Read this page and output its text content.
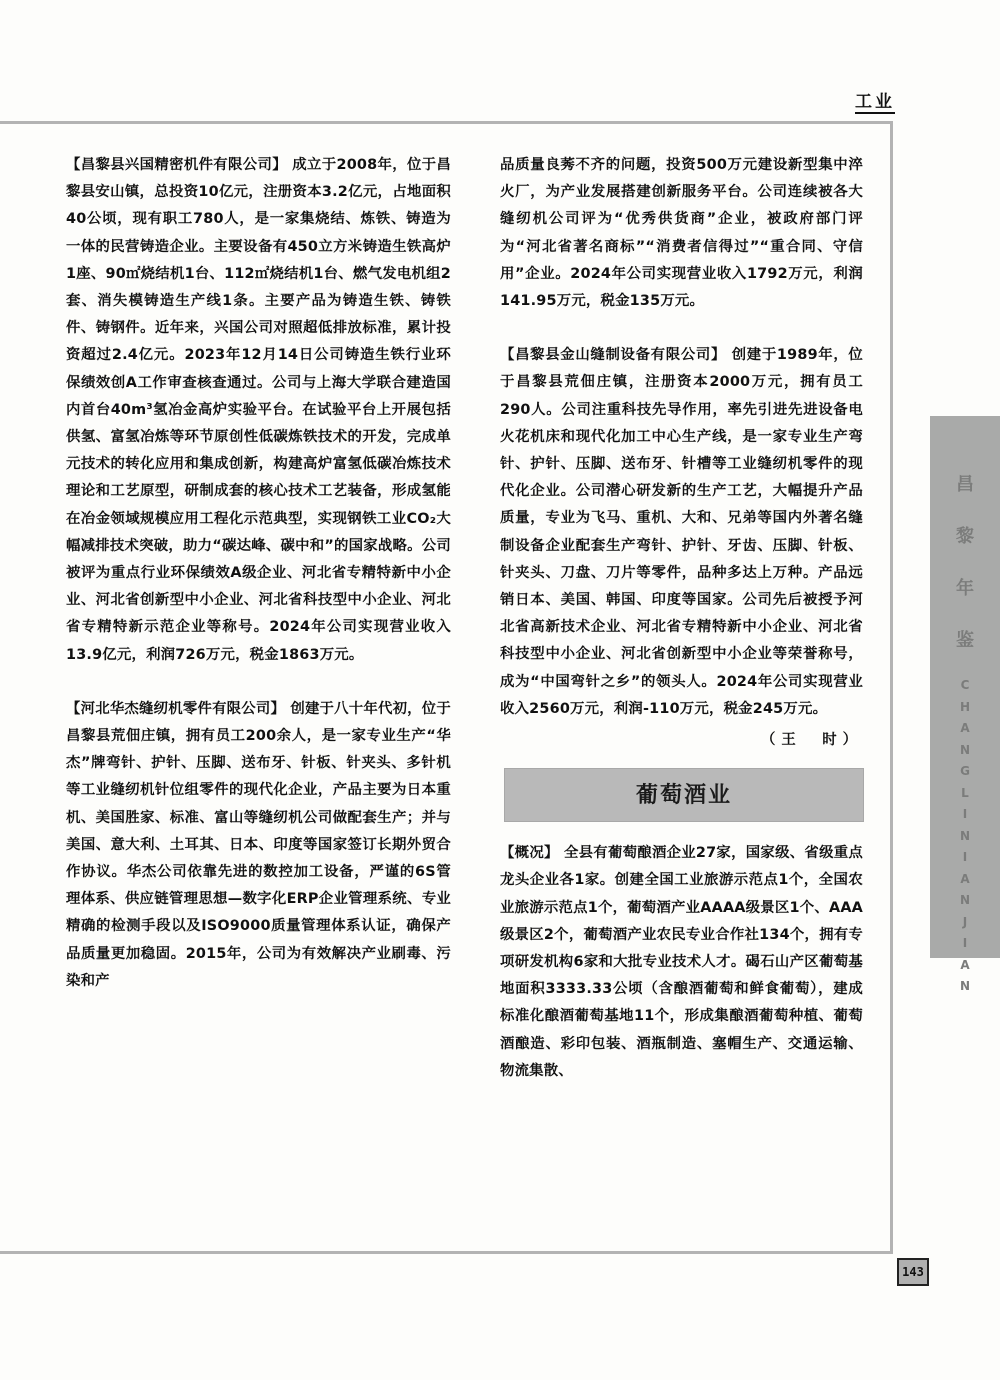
工业

【昌黎县兴国精密机件有限公司】 成立于2008年，位于昌黎县安山镇，总投资10亿元，注册资本3.2亿元，占地面积40公顷，现有职工780人，是一家集烧结、炼铁、铸造为一体的民营铸造企业。主要设备有450立方米铸造生铁高炉1座、90㎡烧结机1台、112㎡烧结机1台、燃气发电机组2套、消失模铸造生产线1条。主要产品为铸造生铁、铸铁件、铸钢件。近年来，兴国公司对照超低排放标准，累计投资超过2.4亿元。2023年12月14日公司铸造生铁行业环保绩效创A工作审查核查通过。公司与上海大学联合建造国内首台40m³氢冶金高炉实验平台。在试验平台上开展包括供氢、富氢冶炼等环节原创性低碳炼铁技术的开发，完成单元技术的转化应用和集成创新，构建高炉富氢低碳冶炼技术理论和工艺原型，研制成套的核心技术工艺装备，形成氢能在冶金领域规模应用工程化示范典型，实现钢铁工业CO₂大幅减排技术突破，助力“碳达峰、碳中和”的国家战略。公司被评为重点行业环保绩效A级企业、河北省专精特新中小企业、河北省创新型中小企业、河北省科技型中小企业、河北省专精特新示范企业等称号。2024年公司实现营业收入13.9亿元，利润726万元，税金1863万元。

【河北华杰缝纫机零件有限公司】 创建于八十年代初，位于昌黎县荒佃庄镇，拥有员工200余人，是一家专业生产“华杰”牌弯针、护针、压脚、送布牙、针板、针夹头、多针机等工业缝纫机针位组零件的现代化企业，产品主要为日本重机、美国胜家、标准、富山等缝纫机公司做配套生产；并与美国、意大利、土耳其、日本、印度等国家签订长期外贸合作协议。华杰公司依靠先进的数控加工设备，严谨的6S管理体系、供应链管理思想—数字化ERP企业管理系统、专业精确的检测手段以及ISO9000质量管理体系认证，确保产品质量更加稳固。2015年，公司为有效解决产业刷毒、污染和产

品质量良莠不齐的问题，投资500万元建设新型集中淬火厂，为产业发展搭建创新服务平台。公司连续被各大缝纫机公司评为“优秀供货商”企业，被政府部门评为“河北省著名商标”“消费者信得过”“重合同、守信用”企业。2024年公司实现营业收入1792万元，利润141.95万元，税金135万元。

【昌黎县金山缝制设备有限公司】 创建于1989年，位于昌黎县荒佃庄镇，注册资本2000万元，拥有员工290人。公司注重科技先导作用，率先引进先进设备电火花机床和现代化加工中心生产线，是一家专业生产弯针、护针、压脚、送布牙、针槽等工业缝纫机零件的现代化企业。公司潜心研发新的生产工艺，大幅提升产品质量，专业为飞马、重机、大和、兄弟等国内外著名缝制设备企业配套生产弯针、护针、牙齿、压脚、针板、针夹头、刀盘、刀片等零件，品种多达上万种。产品远销日本、美国、韩国、印度等国家。公司先后被授予河北省高新技术企业、河北省专精特新中小企业、河北省科技型中小企业、河北省创新型中小企业等荣誉称号，成为“中国弯针之乡”的领头人。2024年公司实现营业收入2560万元，利润-110万元，税金245万元。

（王　时）
葡萄酒业

【概况】 全县有葡萄酿酒企业27家，国家级、省级重点龙头企业各1家。创建全国工业旅游示范点1个，全国农业旅游示范点1个，葡萄酒产业AAAA级景区1个、AAA级景区2个，葡萄酒产业农民专业合作社134个，拥有专项研发机构6家和大批专业技术人才。碣石山产区葡萄基地面积3333.33公顷（含酿酒葡萄和鲜食葡萄），建成标准化酿酒葡萄基地11个，形成集酿酒葡萄种植、葡萄酒酿造、彩印包装、酒瓶制造、塞帽生产、交通运输、物流集散、

昌
黎
年
鉴
C
H
A
N
G
L
I
N
I
A
N
J
I
A
N
143
